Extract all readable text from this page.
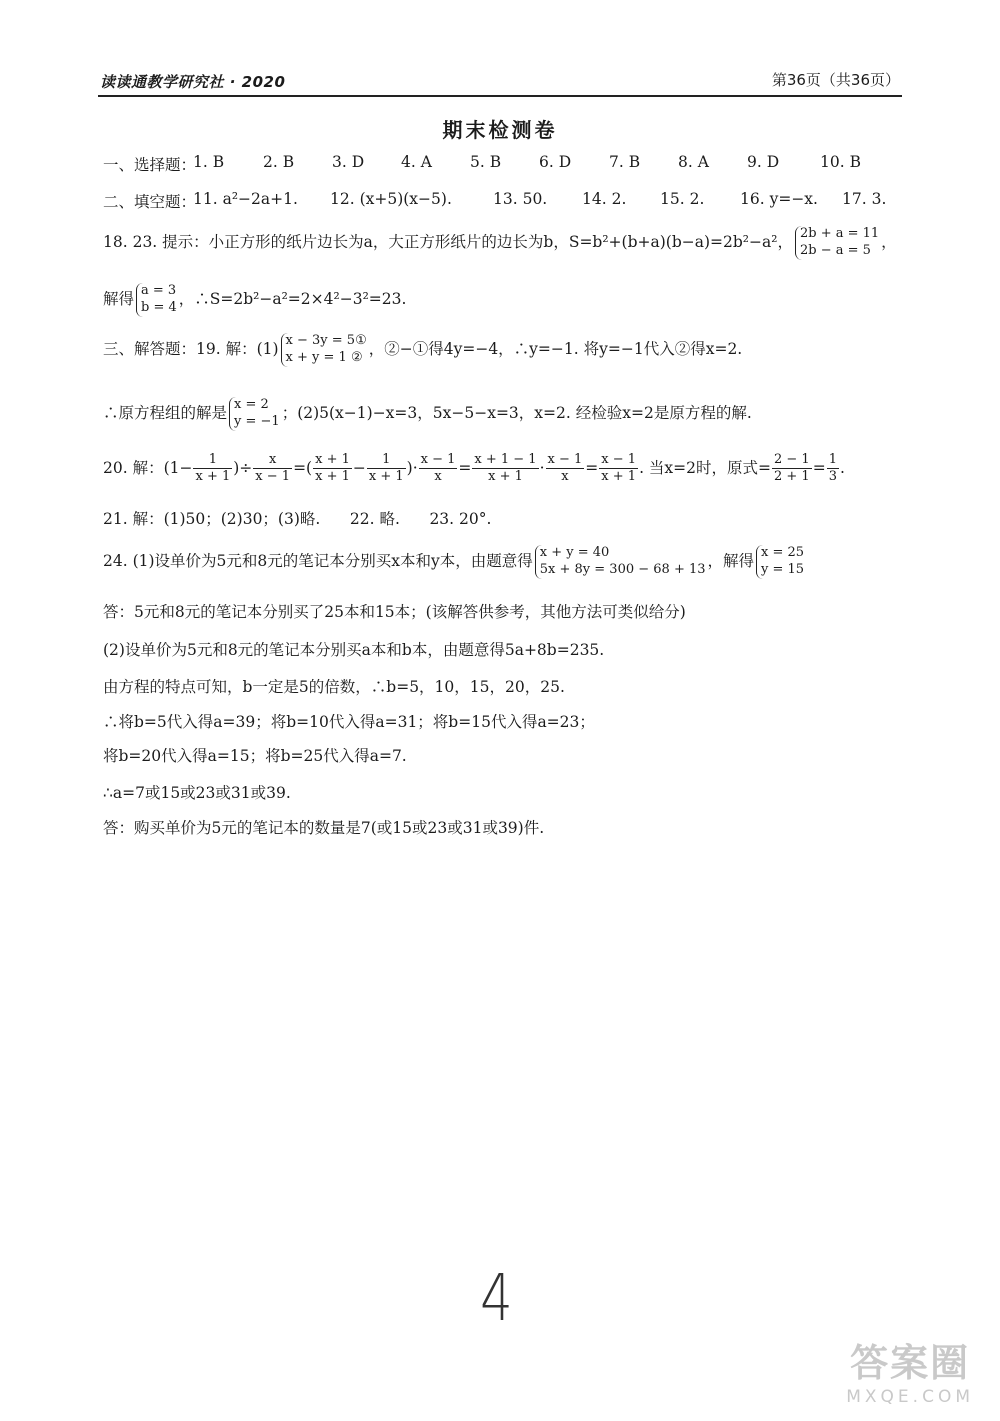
读读通教学研究社 · 2020	第36页（共36页）
期末检测卷
一、选择题：
1. B	2. B 3. D 4. A 5. B 6. D 7. B 8. A 9. D	10. B
二、填空题：
11. a²−2a+1. 12. (x+5)(x−5).	13. 50. 14. 2. 15. 2. 16. y=−x. 17. 3.
18. 23. 提示：小正方形的纸片边长为a，大正方形纸片的边长为b，S=b²+(b+a)(b−a)=2b²−a²， 2b + a = 11
2b − a = 5 ，
解得 a = 3
b = 4 ，∴S=2b²−a²=2×4²−3²=23.
三、解答题：19. 解：(1) x − 3y = 5①
x + y = 1 ② ，②−①得4y=−4，∴y=−1. 将y=−1代入②得x=2.
∴原方程组的解是 x = 2
y = −1 ；(2)5(x−1)−x=3，5x−5−x=3，x=2. 经检验x=2是原方程的解.
20. 解：($1- \frac{1}{x + 1}$ )÷ $\frac{x}{x - 1}$ =( $\frac{x + 1}{x + 1} - \frac{1}{x + 1}$ )· $\frac{x - 1}{x} = \frac{x + 1 - 1}{x + 1} \cdot \frac{x - 1}{x} = \frac{x - 1}{x + 1}$ . 当x=2时，原式= $\frac{2 - 1}{2 + 1} = \frac{1}{3}$ .
21. 解：(1)50；(2)30；(3)略.      22. 略.      23. 20°.
24. (1)设单价为5元和8元的笔记本分别买x本和y本，由题意得 x + y = 40
5x + 8y = 300 − 68 + 13 ，解得 x = 25
y = 15
答：5元和8元的笔记本分别买了25本和15本；(该解答供参考，其他方法可类似给分)
(2)设单价为5元和8元的笔记本分别买a本和b本，由题意得5a+8b=235.
由方程的特点可知，b一定是5的倍数，∴b=5，10，15，20，25.
∴将b=5代入得a=39；将b=10代入得a=31；将b=15代入得a=23；
将b=20代入得a=15；将b=25代入得a=7.
∴a=7或15或23或31或39.
答：购买单价为5元的笔记本的数量是7(或15或23或31或39)件.
4
答案圈
MXQE.COM
